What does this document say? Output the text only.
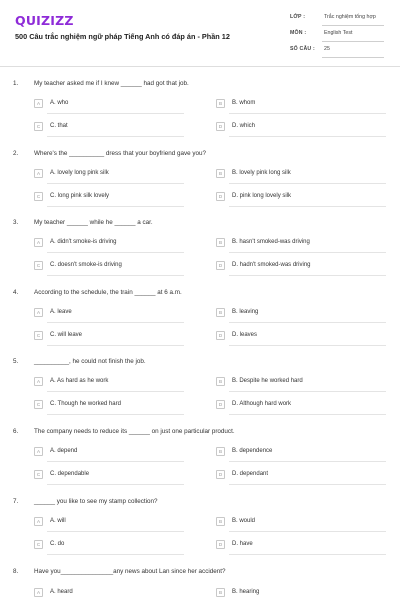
QUIZIZZ
500 Câu trắc nghiệm ngữ pháp Tiếng Anh có đáp án - Phần 12
LỚP :	Trắc nghiệm tổng hợp
MÔN :	English Test
SỐ CÂU : 25
1. My teacher asked me if I knew ______ had got that job.
A	A. who	B	B. whom
C	C. that	D	D. which
2. Where's the __________ dress that your boyfriend gave you?
A	A. lovely long pink silk	B	B. lovely pink long silk
C	C. long pink silk lovely	D	D. pink long lovely silk
3. My teacher ______ while he ______ a car.
A	A. didn't smoke-is driving	B	B. hasn't smoked-was driving
C	C. doesn't smoke-is driving	D	D. hadn't smoked-was driving
4. According to the schedule, the train ______ at 6 a.m.
A	A. leave	B	B. leaving
C	C. will leave	D	D. leaves
5. __________, he could not finish the job.
A	A. As hard as he work	B	B. Despite he worked hard
C	C. Though he worked hard	D	D. Although hard work
6. The company needs to reduce its ______ on just one particular product.
A	A. depend	B	B. dependence
C	C. dependable	D	D. dependant
7. ______ you like to see my stamp collection?
A	A. will	B	B. would
C	C. do	D	D. have
8. Have you_______________any news about Lan since her accident?
A	A. heard	B	B. hearing
